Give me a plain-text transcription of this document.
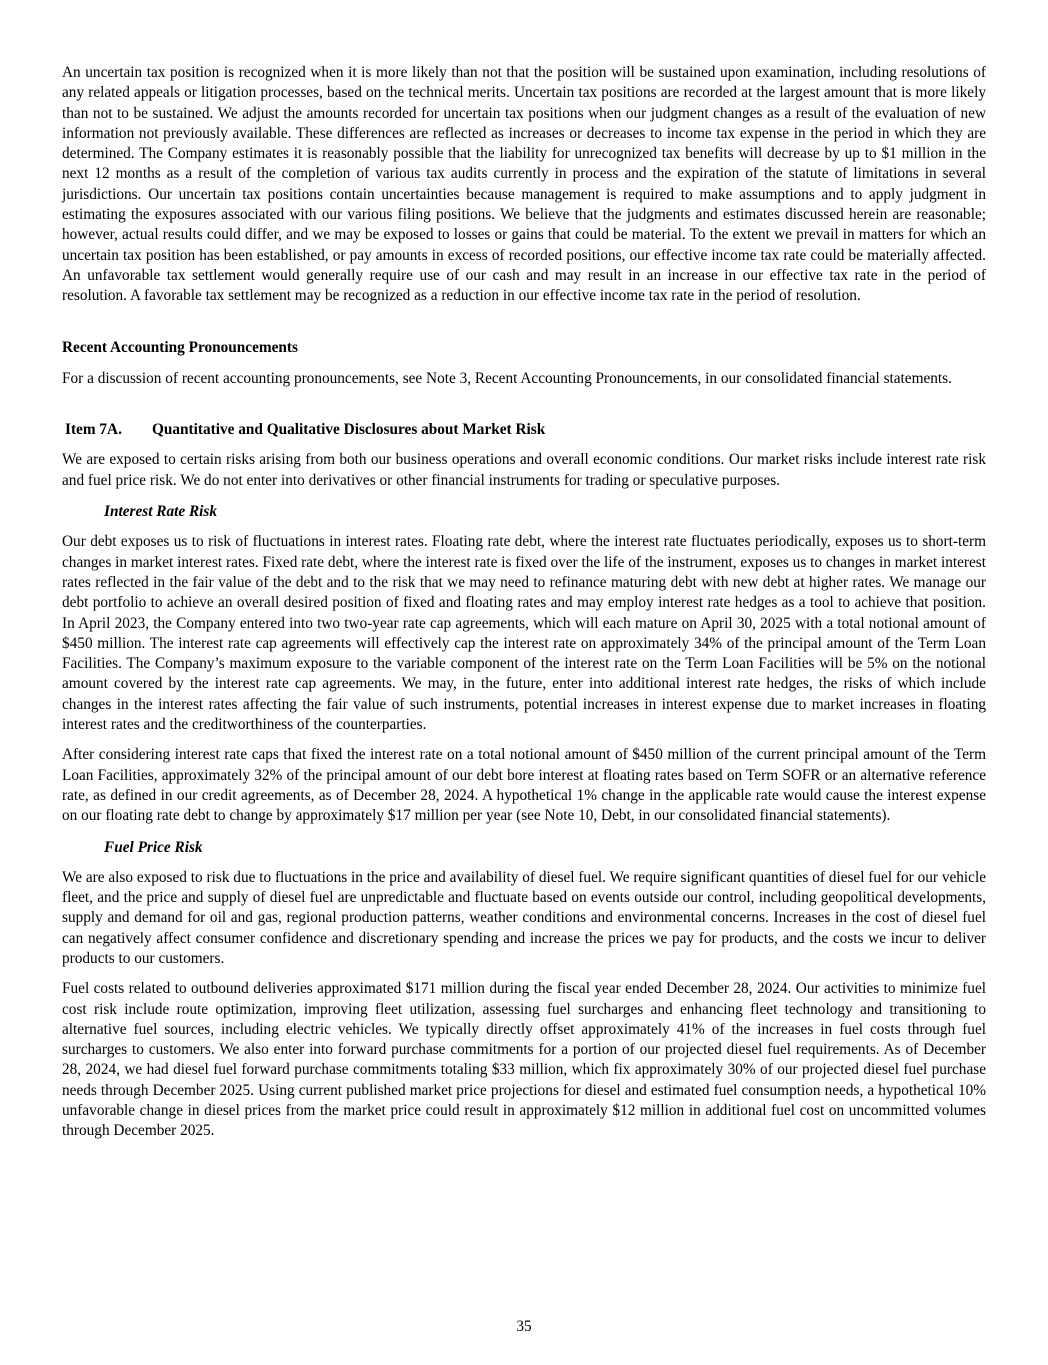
An uncertain tax position is recognized when it is more likely than not that the position will be sustained upon examination, including resolutions of any related appeals or litigation processes, based on the technical merits. Uncertain tax positions are recorded at the largest amount that is more likely than not to be sustained. We adjust the amounts recorded for uncertain tax positions when our judgment changes as a result of the evaluation of new information not previously available. These differences are reflected as increases or decreases to income tax expense in the period in which they are determined. The Company estimates it is reasonably possible that the liability for unrecognized tax benefits will decrease by up to $1 million in the next 12 months as a result of the completion of various tax audits currently in process and the expiration of the statute of limitations in several jurisdictions. Our uncertain tax positions contain uncertainties because management is required to make assumptions and to apply judgment in estimating the exposures associated with our various filing positions. We believe that the judgments and estimates discussed herein are reasonable; however, actual results could differ, and we may be exposed to losses or gains that could be material. To the extent we prevail in matters for which an uncertain tax position has been established, or pay amounts in excess of recorded positions, our effective income tax rate could be materially affected. An unfavorable tax settlement would generally require use of our cash and may result in an increase in our effective tax rate in the period of resolution. A favorable tax settlement may be recognized as a reduction in our effective income tax rate in the period of resolution.

Recent Accounting Pronouncements

For a discussion of recent accounting pronouncements, see Note 3, Recent Accounting Pronouncements, in our consolidated financial statements.

Item 7A.	Quantitative and Qualitative Disclosures about Market Risk

We are exposed to certain risks arising from both our business operations and overall economic conditions. Our market risks include interest rate risk and fuel price risk. We do not enter into derivatives or other financial instruments for trading or speculative purposes.

Interest Rate Risk

Our debt exposes us to risk of fluctuations in interest rates. Floating rate debt, where the interest rate fluctuates periodically, exposes us to short-term changes in market interest rates. Fixed rate debt, where the interest rate is fixed over the life of the instrument, exposes us to changes in market interest rates reflected in the fair value of the debt and to the risk that we may need to refinance maturing debt with new debt at higher rates. We manage our debt portfolio to achieve an overall desired position of fixed and floating rates and may employ interest rate hedges as a tool to achieve that position. In April 2023, the Company entered into two two-year rate cap agreements, which will each mature on April 30, 2025 with a total notional amount of $450 million. The interest rate cap agreements will effectively cap the interest rate on approximately 34% of the principal amount of the Term Loan Facilities. The Company’s maximum exposure to the variable component of the interest rate on the Term Loan Facilities will be 5% on the notional amount covered by the interest rate cap agreements. We may, in the future, enter into additional interest rate hedges, the risks of which include changes in the interest rates affecting the fair value of such instruments, potential increases in interest expense due to market increases in floating interest rates and the creditworthiness of the counterparties.

After considering interest rate caps that fixed the interest rate on a total notional amount of $450 million of the current principal amount of the Term Loan Facilities, approximately 32% of the principal amount of our debt bore interest at floating rates based on Term SOFR or an alternative reference rate, as defined in our credit agreements, as of December 28, 2024. A hypothetical 1% change in the applicable rate would cause the interest expense on our floating rate debt to change by approximately $17 million per year (see Note 10, Debt, in our consolidated financial statements).

Fuel Price Risk

We are also exposed to risk due to fluctuations in the price and availability of diesel fuel. We require significant quantities of diesel fuel for our vehicle fleet, and the price and supply of diesel fuel are unpredictable and fluctuate based on events outside our control, including geopolitical developments, supply and demand for oil and gas, regional production patterns, weather conditions and environmental concerns. Increases in the cost of diesel fuel can negatively affect consumer confidence and discretionary spending and increase the prices we pay for products, and the costs we incur to deliver products to our customers.

Fuel costs related to outbound deliveries approximated $171 million during the fiscal year ended December 28, 2024. Our activities to minimize fuel cost risk include route optimization, improving fleet utilization, assessing fuel surcharges and enhancing fleet technology and transitioning to alternative fuel sources, including electric vehicles. We typically directly offset approximately 41% of the increases in fuel costs through fuel surcharges to customers. We also enter into forward purchase commitments for a portion of our projected diesel fuel requirements. As of December 28, 2024, we had diesel fuel forward purchase commitments totaling $33 million, which fix approximately 30% of our projected diesel fuel purchase needs through December 2025. Using current published market price projections for diesel and estimated fuel consumption needs, a hypothetical 10% unfavorable change in diesel prices from the market price could result in approximately $12 million in additional fuel cost on uncommitted volumes through December 2025.

35
